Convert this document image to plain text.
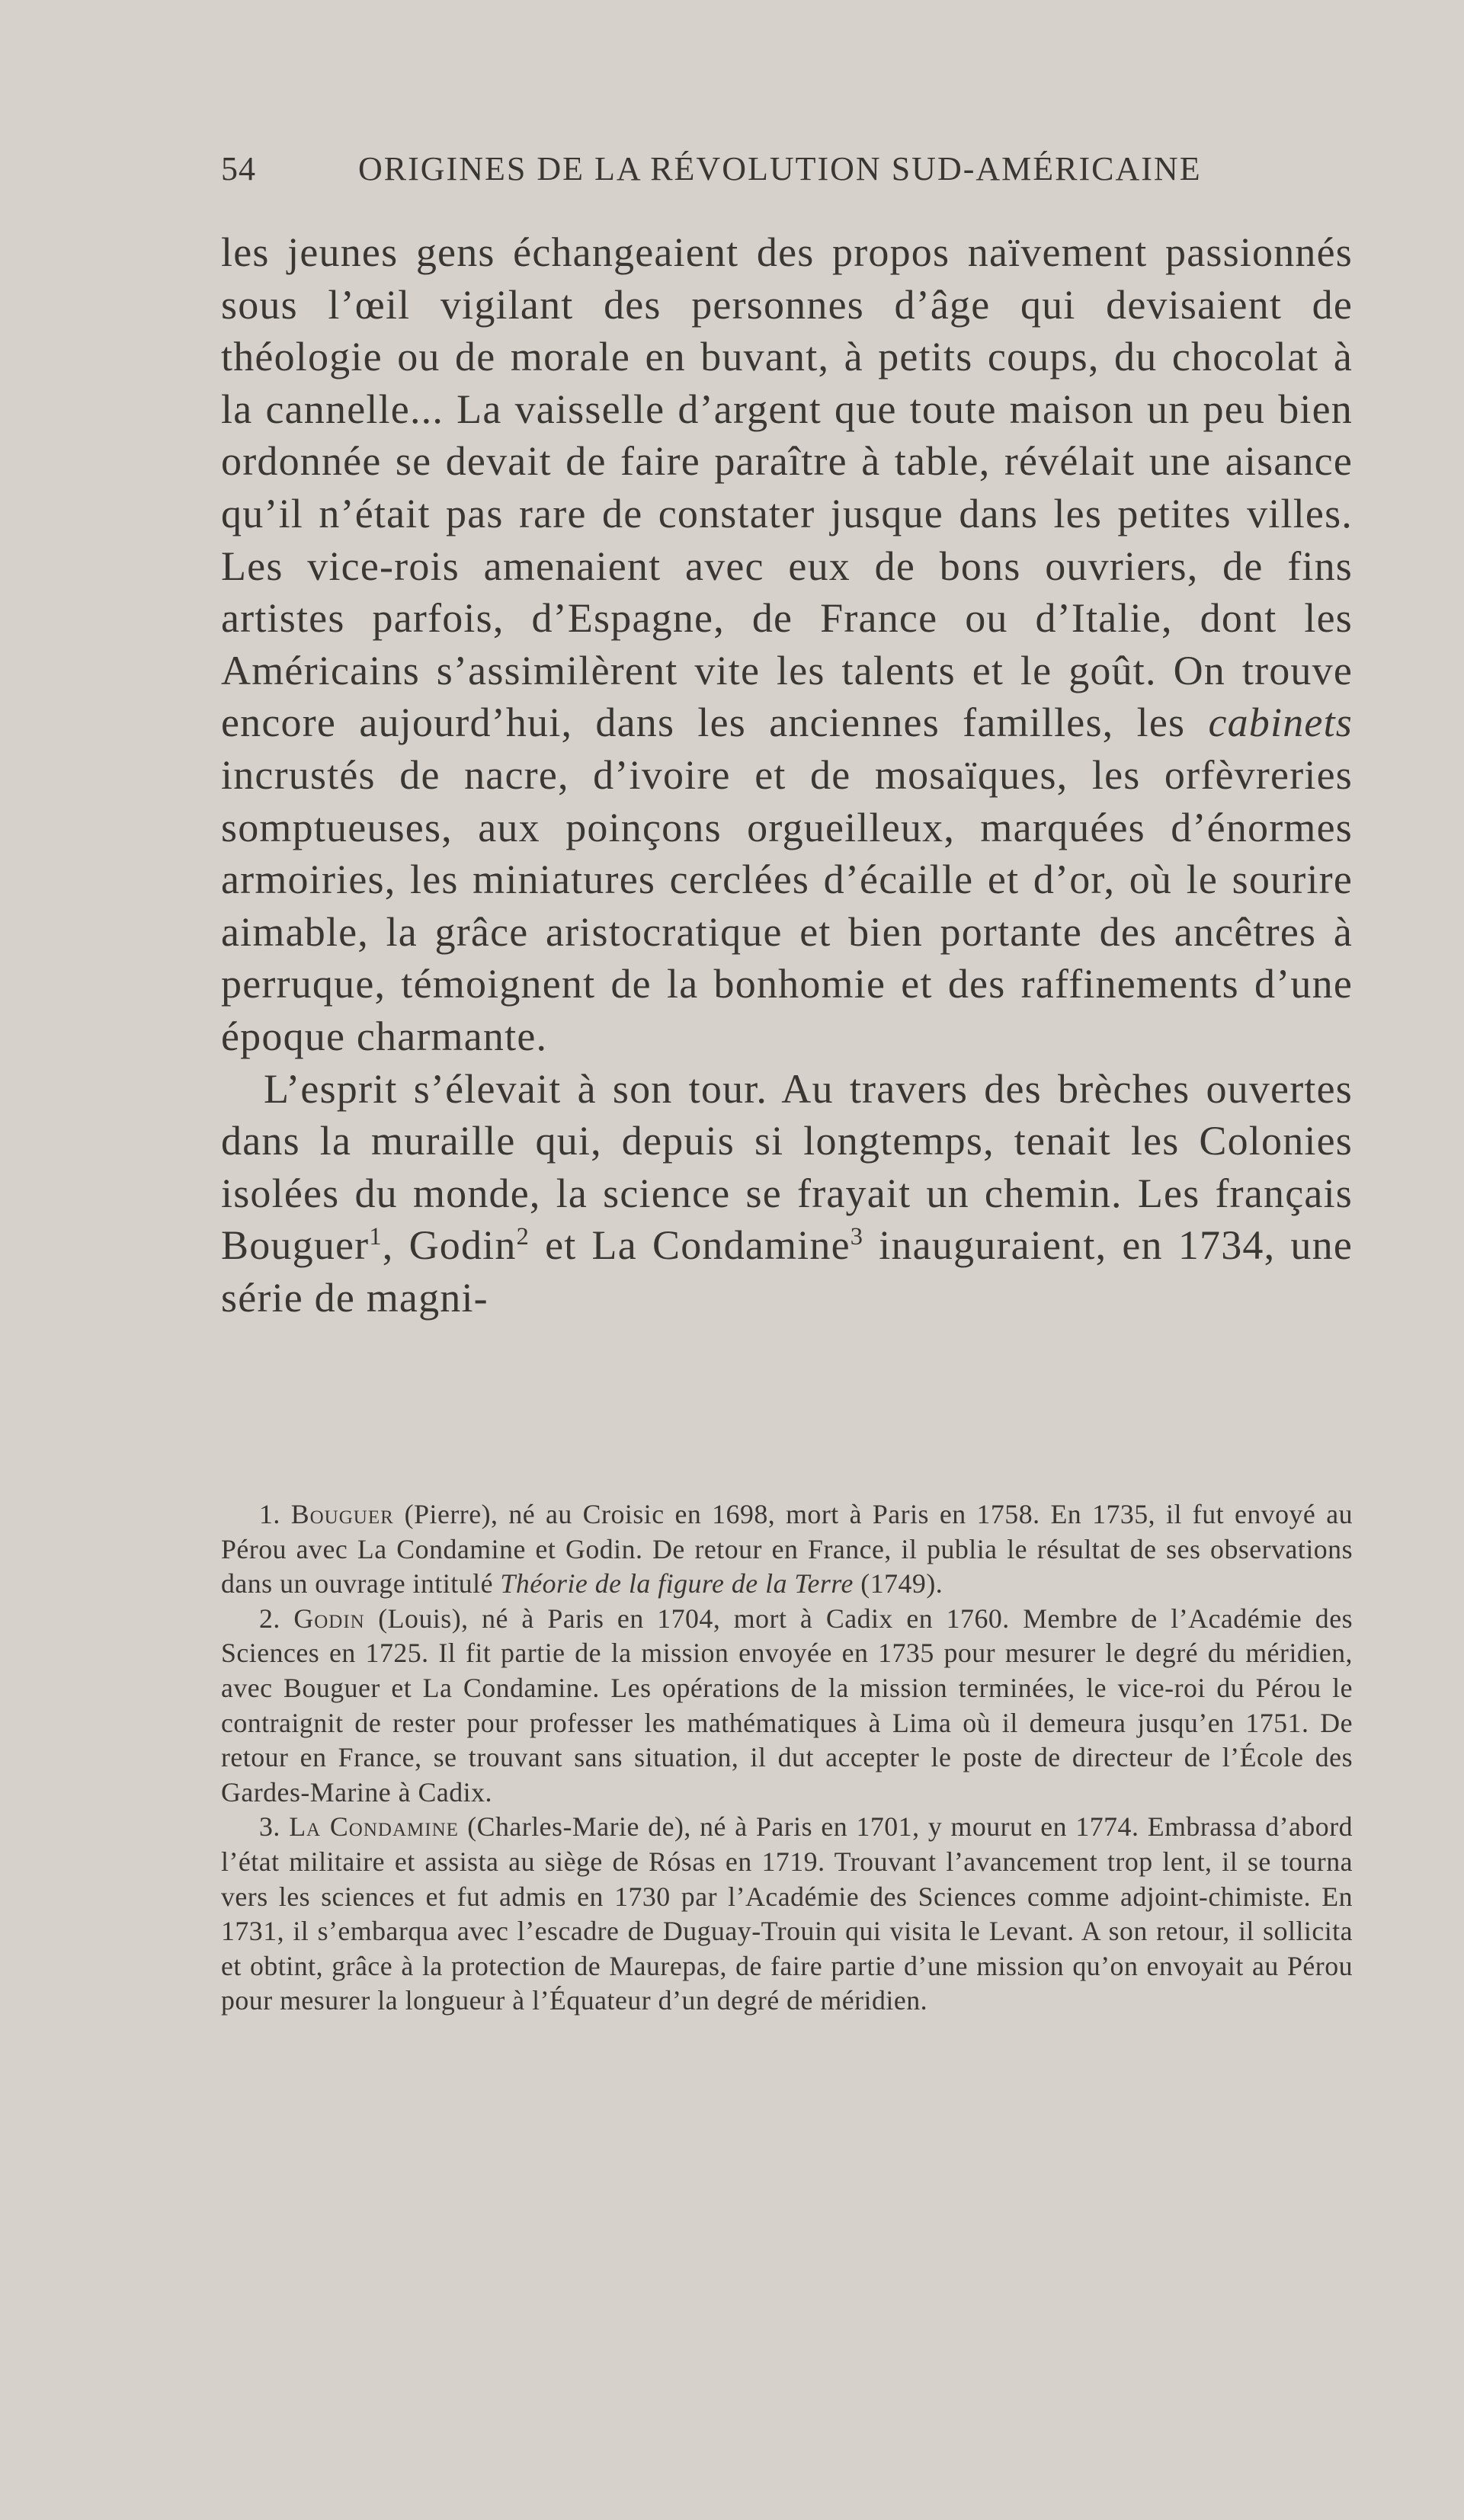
54	ORIGINES DE LA RÉVOLUTION SUD-AMÉRICAINE

les jeunes gens échangeaient des propos naïvement passionnés sous l’œil vigilant des personnes d’âge qui devisaient de théologie ou de morale en buvant, à petits coups, du chocolat à la cannelle... La vaisselle d’argent que toute maison un peu bien ordonnée se devait de faire paraître à table, révélait une aisance qu’il n’était pas rare de constater jusque dans les petites villes. Les vice-rois amenaient avec eux de bons ouvriers, de fins artistes parfois, d’Espagne, de France ou d’Italie, dont les Américains s’assimilèrent vite les talents et le goût. On trouve encore aujourd’hui, dans les anciennes familles, les cabinets incrustés de nacre, d’ivoire et de mosaïques, les orfèvreries somptueuses, aux poinçons orgueilleux, marquées d’énormes armoiries, les miniatures cerclées d’écaille et d’or, où le sourire aimable, la grâce aristocratique et bien portante des ancêtres à perruque, témoignent de la bonhomie et des raffinements d’une époque charmante.

L’esprit s’élevait à son tour. Au travers des brèches ouvertes dans la muraille qui, depuis si longtemps, tenait les Colonies isolées du monde, la science se frayait un chemin. Les français Bouguer$^1$, Godin$^2$ et La Condamine$^3$ inauguraient, en 1734, une série de magni-

1. Bouguer (Pierre), né au Croisic en 1698, mort à Paris en 1758. En 1735, il fut envoyé au Pérou avec La Condamine et Godin. De retour en France, il publia le résultat de ses observations dans un ouvrage intitulé Théorie de la figure de la Terre (1749).

2. Godin (Louis), né à Paris en 1704, mort à Cadix en 1760. Membre de l’Académie des Sciences en 1725. Il fit partie de la mission envoyée en 1735 pour mesurer le degré du méridien, avec Bouguer et La Condamine. Les opérations de la mission terminées, le vice-roi du Pérou le contraignit de rester pour professer les mathématiques à Lima où il demeura jusqu’en 1751. De retour en France, se trouvant sans situation, il dut accepter le poste de directeur de l’École des Gardes-Marine à Cadix.

3. La Condamine (Charles-Marie de), né à Paris en 1701, y mourut en 1774. Embrassa d’abord l’état militaire et assista au siège de Rósas en 1719. Trouvant l’avancement trop lent, il se tourna vers les sciences et fut admis en 1730 par l’Académie des Sciences comme adjoint-chimiste. En 1731, il s’embarqua avec l’escadre de Duguay-Trouin qui visita le Levant. A son retour, il sollicita et obtint, grâce à la protection de Maurepas, de faire partie d’une mission qu’on envoyait au Pérou pour mesurer la longueur à l’Équateur d’un degré de méridien.
